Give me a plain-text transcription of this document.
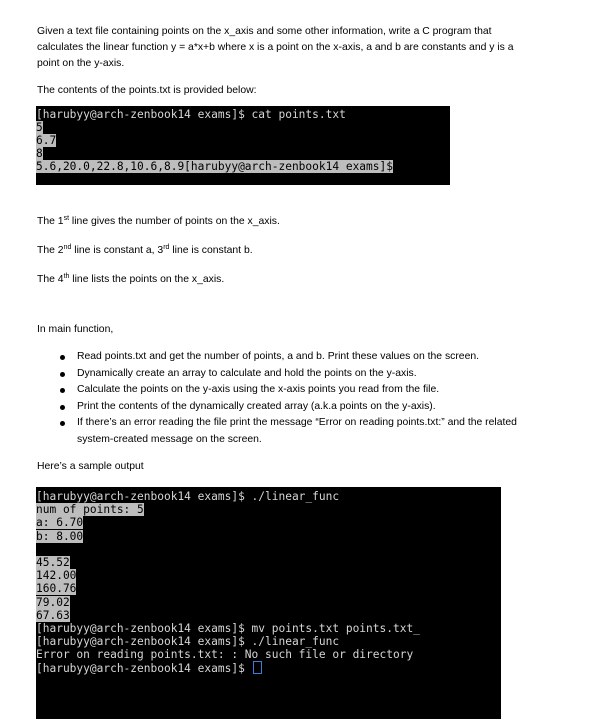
Given a text file containing points on the x_axis and some other information, write a C program that

calculates the linear function y = a*x+b where x is a point on the x-axis, a and b are constants and y is a

point on the y-axis.

The contents of the points.txt is provided below:

[harubyy@arch-zenbook14 exams]$ cat points.txt
5
6.7
8
5.6,20.0,22.8,10.6,8.9[harubyy@arch-zenbook14 exams]$

The 1st line gives the number of points on the x_axis.

The 2nd line is constant a, 3rd line is constant b.

The 4th line lists the points on the x_axis.

In main function,

Read points.txt and get the number of points, a and b. Print these values on the screen.
Dynamically create an array to calculate and hold the points on the y-axis.
Calculate the points on the y-axis using the x-axis points you read from the file.
Print the contents of the dynamically created array (a.k.a points on the y-axis).
If there’s an error reading the file print the message “Error on reading points.txt:” and the related system-created message on the screen.

Here’s a sample output

[harubyy@arch-zenbook14 exams]$ ./linear_func
num of points: 5
a: 6.70
b: 8.00
45.52
142.00
160.76
79.02
67.63
[harubyy@arch-zenbook14 exams]$ mv points.txt points.txt_
[harubyy@arch-zenbook14 exams]$ ./linear_func
Error on reading points.txt: : No such file or directory
[harubyy@arch-zenbook14 exams]$
